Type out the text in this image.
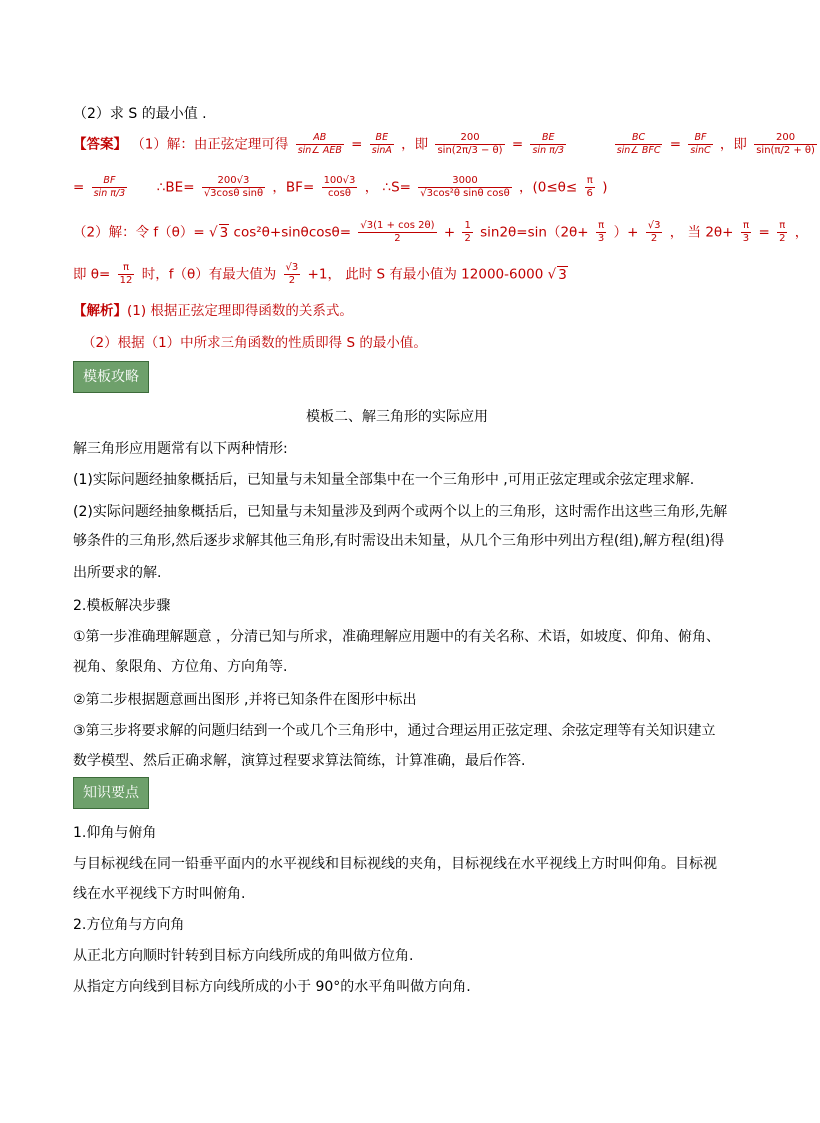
（2）求 S 的最小值 .
【答案】 （1）解：由正弦定理可得 $\frac{AB}{\text{sin∠ AEB}} = \frac{BE}{\sin A}$ ，即 $\frac{200}{\sin(2\pi/3 - \theta)} = \frac{BE}{\text{sin π/3}}$
	$\frac{BC}{\text{sin∠ BFC}} = \frac{BF}{\sin C}$ ，即 $\frac{200}{\sin(\pi/2 + \theta)}$
= $\frac{BF}{\text{sin π/3}}$ ∴BE= $\frac{200√3}{\text{√3cosθ sinθ}}$ ，$BF= \frac{100√3}{\cos\theta}$ ， ∴S= $\frac{3000}{\text{√3cos²θ sinθ cosθ}}$ ，($0\le\theta\le \frac{\pi}{6}$ )
（2）解：令 f（θ）= √ 3 $\cos^2\theta+\sin\theta\cos\theta= \frac{√3(1 + \cos 2\theta)}{2} + \frac{1}{2} \sin 2\theta=\sin(2\theta+ \frac{\pi}{3}$ ）+ $\frac{√3}{2}$ ， 当 $2\theta+ \frac{\pi}{3} = \frac{\pi}{2}$ ，
即 $\theta= \frac{\pi}{12}$ 时，f（θ）有最大值为 $\frac{√3}{2} +1$， 此时 S 有最小值为 12000-6000 √ 3
【解析】(1) 根据正弦定理即得函数的关系式。
（2）根据（1）中所求三角函数的性质即得 S 的最小值。
模板攻略
模板二、解三角形的实际应用
解三角形应用题常有以下两种情形:
(1)实际问题经抽象概括后，已知量与未知量全部集中在一个三角形中 ,可用正弦定理或余弦定理求解.
(2)实际问题经抽象概括后，已知量与未知量涉及到两个或两个以上的三角形，这时需作出这些三角形,先解
够条件的三角形,然后逐步求解其他三角形,有时需设出未知量，从几个三角形中列出方程(组),解方程(组)得
出所要求的解.
2.模板解决步骤
①第一步准确理解题意 ，分清已知与所求，准确理解应用题中的有关名称、术语，如坡度、仰角、俯角、
视角、象限角、方位角、方向角等.
②第二步根据题意画出图形 ,并将已知条件在图形中标出
③第三步将要求解的问题归结到一个或几个三角形中，通过合理运用正弦定理、余弦定理等有关知识建立
数学模型、然后正确求解，演算过程要求算法简练，计算准确，最后作答.
知识要点
1.仰角与俯角
与目标视线在同一铅垂平面内的水平视线和目标视线的夹角，目标视线在水平视线上方时叫仰角。目标视
线在水平视线下方时叫俯角.
2.方位角与方向角
从正北方向顺时针转到目标方向线所成的角叫做方位角.
从指定方向线到目标方向线所成的小于 90°的水平角叫做方向角.
